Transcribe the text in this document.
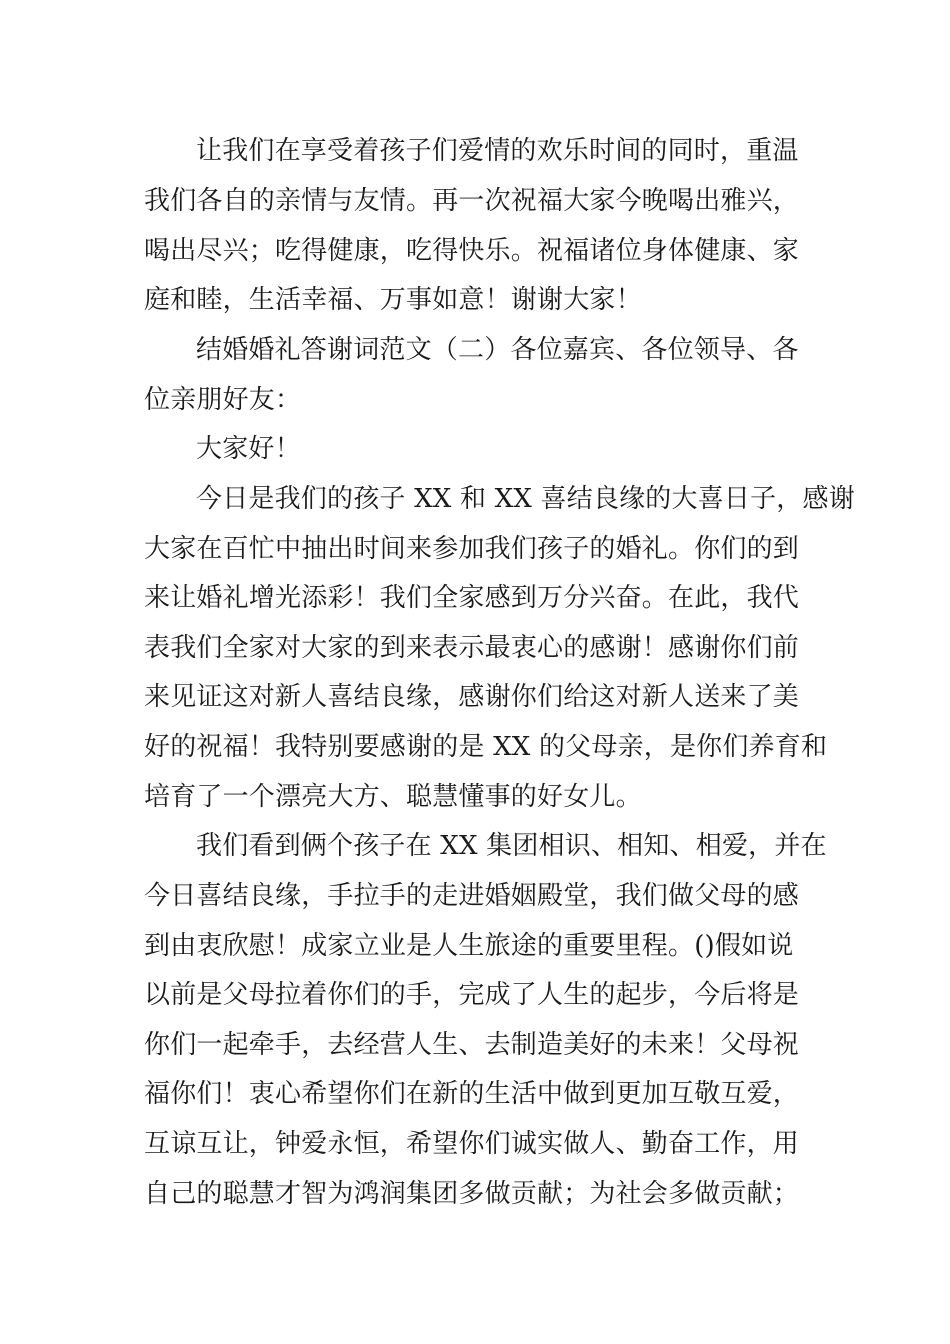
让我们在享受着孩子们爱情的欢乐时间的同时，重温
我们各自的亲情与友情。再一次祝福大家今晚喝出雅兴，
喝出尽兴；吃得健康，吃得快乐。祝福诸位身体健康、家
庭和睦，生活幸福、万事如意！谢谢大家！
结婚婚礼答谢词范文（二）各位嘉宾、各位领导、各
位亲朋好友：
大家好！
今日是我们的孩子 XX 和 XX 喜结良缘的大喜日子，感谢
大家在百忙中抽出时间来参加我们孩子的婚礼。你们的到
来让婚礼增光添彩！我们全家感到万分兴奋。在此，我代
表我们全家对大家的到来表示最衷心的感谢！感谢你们前
来见证这对新人喜结良缘，感谢你们给这对新人送来了美
好的祝福！我特别要感谢的是 XX 的父母亲，是你们养育和
培育了一个漂亮大方、聪慧懂事的好女儿。
我们看到俩个孩子在 XX 集团相识、相知、相爱，并在
今日喜结良缘，手拉手的走进婚姻殿堂，我们做父母的感
到由衷欣慰！成家立业是人生旅途的重要里程。()假如说
以前是父母拉着你们的手，完成了人生的起步，今后将是
你们一起牵手，去经营人生、去制造美好的未来！父母祝
福你们！衷心希望你们在新的生活中做到更加互敬互爱，
互谅互让，钟爱永恒，希望你们诚实做人、勤奋工作，用
自己的聪慧才智为鸿润集团多做贡献；为社会多做贡献；
